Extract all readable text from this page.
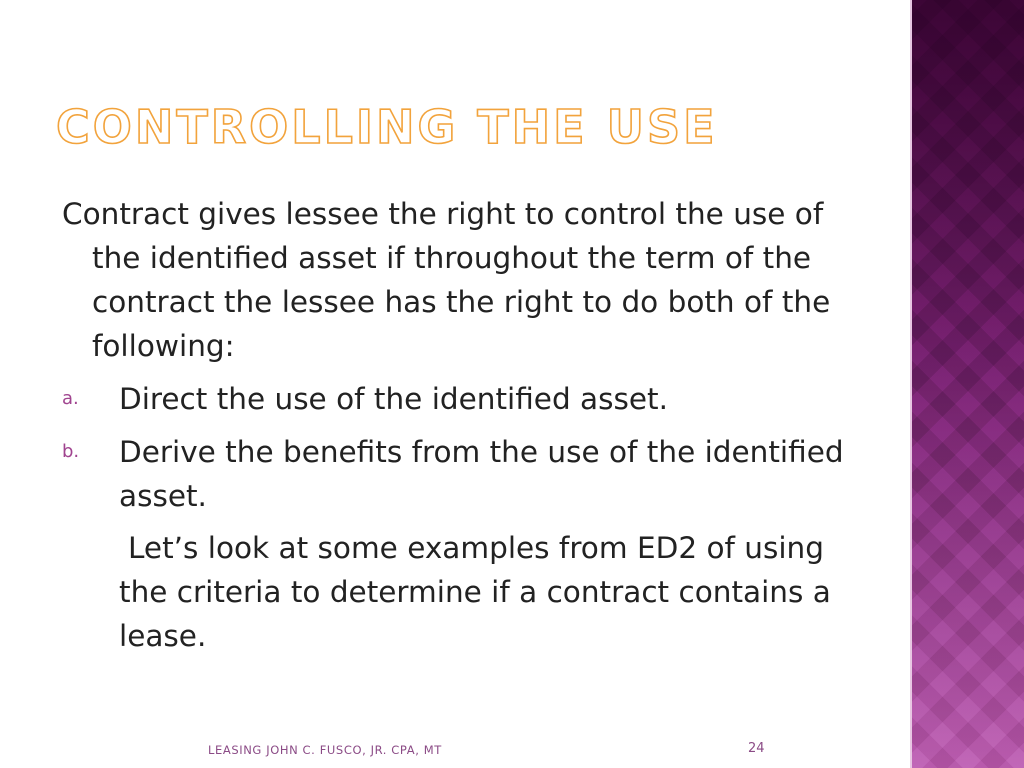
CONTROLLING THE USE

Contract gives lessee the right to control the use of the identified asset if throughout the term of the contract the lessee has the right to do both of the following:

a. Direct the use of the identified asset.
b. Derive the benefits from the use of the identified asset.

Let’s look at some examples from ED2 of using the criteria to determine if a contract contains a lease.

LEASING JOHN C. FUSCO, JR. CPA, MT	24
